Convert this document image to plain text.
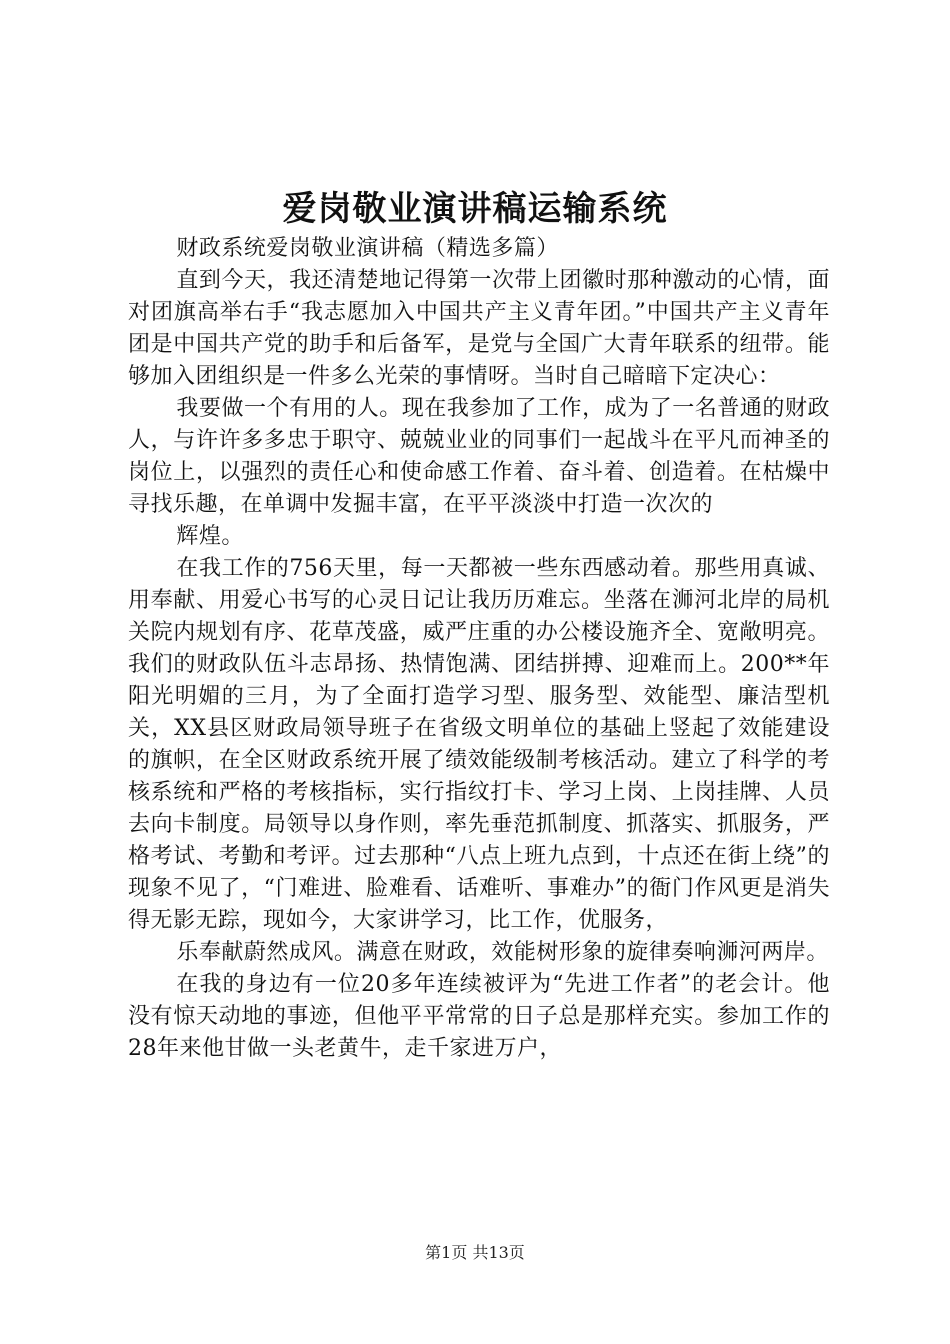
爱岗敬业演讲稿运输系统

财政系统爱岗敬业演讲稿（精选多篇）

直到今天，我还清楚地记得第一次带上团徽时那种激动的心情，面对团旗高举右手“我志愿加入中国共产主义青年团。”中国共产主义青年团是中国共产党的助手和后备军，是党与全国广大青年联系的纽带。能够加入团组织是一件多么光荣的事情呀。当时自己暗暗下定决心：

我要做一个有用的人。现在我参加了工作，成为了一名普通的财政人，与许许多多忠于职守、兢兢业业的同事们一起战斗在平凡而神圣的岗位上，以强烈的责任心和使命感工作着、奋斗着、创造着。在枯燥中寻找乐趣，在单调中发掘丰富，在平平淡淡中打造一次次的

辉煌。

在我工作的756天里，每一天都被一些东西感动着。那些用真诚、用奉献、用爱心书写的心灵日记让我历历难忘。坐落在浉河北岸的局机关院内规划有序、花草茂盛，威严庄重的办公楼设施齐全、宽敞明亮。我们的财政队伍斗志昂扬、热情饱满、团结拼搏、迎难而上。200**年阳光明媚的三月，为了全面打造学习型、服务型、效能型、廉洁型机关，XX县区财政局领导班子在省级文明单位的基础上竖起了效能建设的旗帜，在全区财政系统开展了绩效能级制考核活动。建立了科学的考核系统和严格的考核指标，实行指纹打卡、学习上岗、上岗挂牌、人员去向卡制度。局领导以身作则，率先垂范抓制度、抓落实、抓服务，严格考试、考勤和考评。过去那种“八点上班九点到，十点还在街上绕”的现象不见了，“门难进、脸难看、话难听、事难办”的衙门作风更是消失得无影无踪，现如今，大家讲学习，比工作，优服务，

乐奉献蔚然成风。满意在财政，效能树形象的旋律奏响浉河两岸。

在我的身边有一位20多年连续被评为“先进工作者”的老会计。他没有惊天动地的事迹，但他平平常常的日子总是那样充实。参加工作的28年来他甘做一头老黄牛，走千家进万户，

第1页 共13页
